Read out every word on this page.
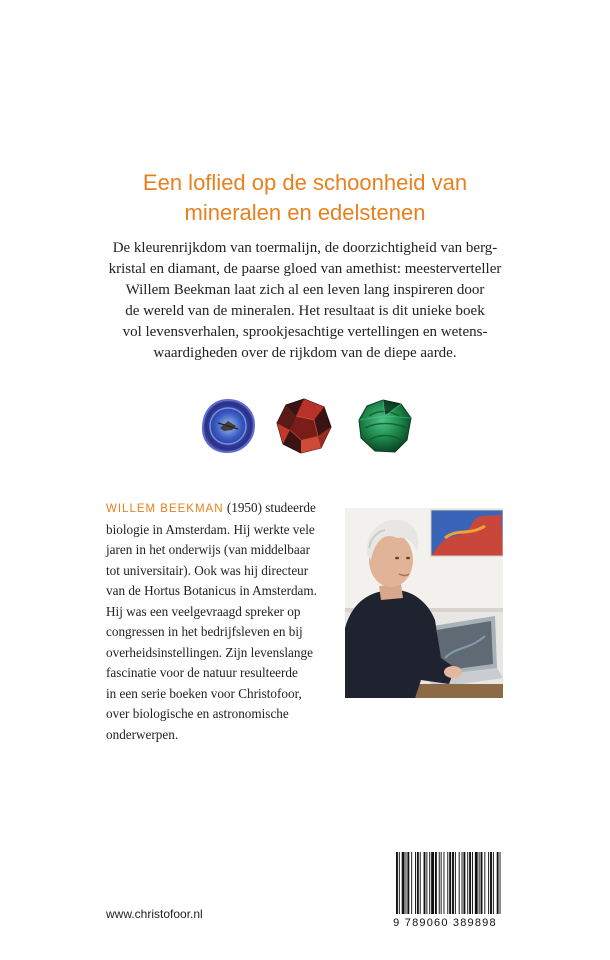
Een loflied op de schoonheid van
mineralen en edelstenen
De kleurenrijkdom van toermalijn, de doorzichtigheid van berg-
kristal en diamant, de paarse gloed van amethist: meesterverteller
Willem Beekman laat zich al een leven lang inspireren door
de wereld van de mineralen. Het resultaat is dit unieke boek
vol levensverhalen, sprookjesachtige vertellingen en wetens-
waardigheden over de rijkdom van de diepe aarde.
WILLEM BEEKMAN (1950) studeerde
biologie in Amsterdam. Hij werkte vele
jaren in het onderwijs (van middelbaar
tot universitair). Ook was hij directeur
van de Hortus Botanicus in Amsterdam.
Hij was een veelgevraagd spreker op
congressen in het bedrijfsleven en bij
overheidsinstellingen. Zijn levenslange
fascinatie voor de natuur resulteerde
in een serie boeken voor Christofoor,
over biologische en astronomische
onderwerpen.
9 789060 389898
www.christofoor.nl
